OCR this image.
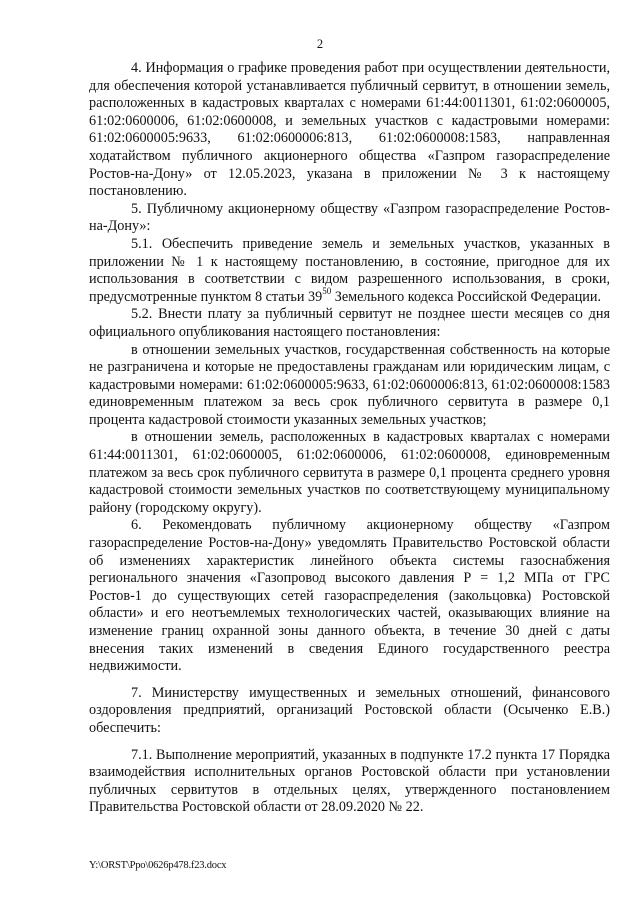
2

4. Информация о графике проведения работ при осуществлении деятельности, для обеспечения которой устанавливается публичный сервитут, в отношении земель, расположенных в кадастровых кварталах с номерами 61:44:0011301, 61:02:0600005, 61:02:0600006, 61:02:0600008, и земельных участков с кадастровыми номерами: 61:02:0600005:9633, 61:02:0600006:813, 61:02:0600008:1583, направленная ходатайством публичного акционерного общества «Газпром газораспределение Ростов-на-Дону» от 12.05.2023, указана в приложении № 3 к настоящему постановлению.

5. Публичному акционерному обществу «Газпром газораспределение Ростов-на-Дону»:

5.1. Обеспечить приведение земель и земельных участков, указанных в приложении № 1 к настоящему постановлению, в состояние, пригодное для их использования в соответствии с видом разрешенного использования, в сроки, предусмотренные пунктом 8 статьи $39^{50}$ Земельного кодекса Российской Федерации.

5.2. Внести плату за публичный сервитут не позднее шести месяцев со дня официального опубликования настоящего постановления:

в отношении земельных участков, государственная собственность на которые не разграничена и которые не предоставлены гражданам или юридическим лицам, с кадастровыми номерами: 61:02:0600005:9633, 61:02:0600006:813, 61:02:0600008:1583 единовременным платежом за весь срок публичного сервитута в размере 0,1 процента кадастровой стоимости указанных земельных участков;

в отношении земель, расположенных в кадастровых кварталах с номерами 61:44:0011301, 61:02:0600005, 61:02:0600006, 61:02:0600008, единовременным платежом за весь срок публичного сервитута в размере 0,1 процента среднего уровня кадастровой стоимости земельных участков по соответствующему муниципальному району (городскому округу).

6. Рекомендовать публичному акционерному обществу «Газпром газораспределение Ростов-на-Дону» уведомлять Правительство Ростовской области об изменениях характеристик линейного объекта системы газоснабжения регионального значения «Газопровод высокого давления Р = 1,2 МПа от ГРС Ростов-1 до существующих сетей газораспределения (закольцовка) Ростовской области» и его неотъемлемых технологических частей, оказывающих влияние на изменение границ охранной зоны данного объекта, в течение 30 дней с даты внесения таких изменений в сведения Единого государственного реестра недвижимости.

7. Министерству имущественных и земельных отношений, финансового оздоровления предприятий, организаций Ростовской области (Осыченко Е.В.) обеспечить:

7.1. Выполнение мероприятий, указанных в подпункте 17.2 пункта 17 Порядка взаимодействия исполнительных органов Ростовской области при установлении публичных сервитутов в отдельных целях, утвержденного постановлением Правительства Ростовской области от 28.09.2020 № 22.

Y:\ORST\Ppo\0626p478.f23.docx
